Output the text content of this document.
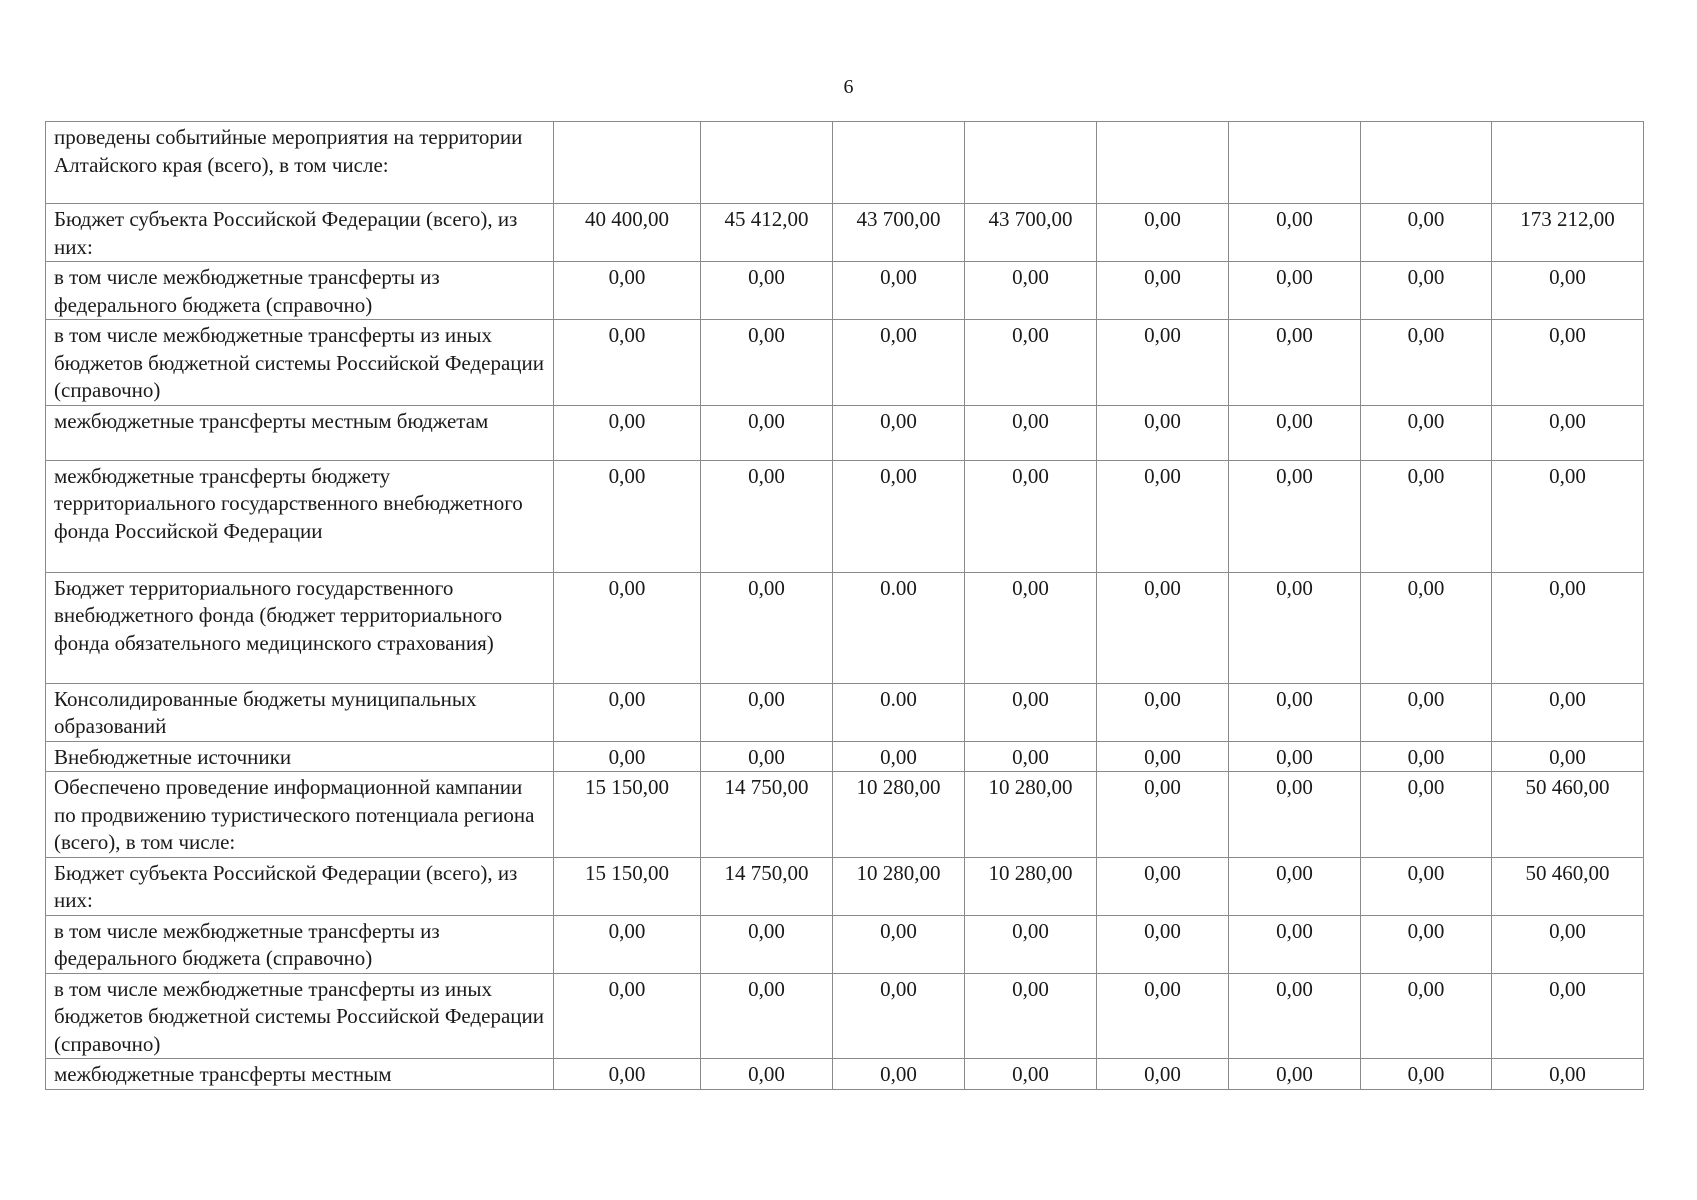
6
проведены событийные мероприятия на территории Алтайского края (всего), в том числе:								
Бюджет субъекта Российской Федерации (всего), из них:	40 400,00	45 412,00	43 700,00	43 700,00	0,00	0,00	0,00	173 212,00
в том числе межбюджетные трансферты из федерального бюджета (справочно)	0,00	0,00	0,00	0,00	0,00	0,00	0,00	0,00
в том числе межбюджетные трансферты из иных бюджетов бюджетной системы Российской Федерации (справочно)	0,00	0,00	0,00	0,00	0,00	0,00	0,00	0,00
межбюджетные трансферты местным бюджетам	0,00	0,00	0,00	0,00	0,00	0,00	0,00	0,00
межбюджетные трансферты бюджету территориального государственного внебюджетного фонда Российской Федерации	0,00	0,00	0,00	0,00	0,00	0,00	0,00	0,00
Бюджет территориального государственного внебюджетного фонда (бюджет территориального фонда обязательного медицинского страхования)	0,00	0,00	0.00	0,00	0,00	0,00	0,00	0,00
Консолидированные бюджеты муниципальных образований	0,00	0,00	0.00	0,00	0,00	0,00	0,00	0,00
Внебюджетные источники	0,00	0,00	0,00	0,00	0,00	0,00	0,00	0,00
Обеспечено проведение информационной кампании по продвижению туристического потенциала региона (всего), в том числе:	15 150,00	14 750,00	10 280,00	10 280,00	0,00	0,00	0,00	50 460,00
Бюджет субъекта Российской Федерации (всего), из них:	15 150,00	14 750,00	10 280,00	10 280,00	0,00	0,00	0,00	50 460,00
в том числе межбюджетные трансферты из федерального бюджета (справочно)	0,00	0,00	0,00	0,00	0,00	0,00	0,00	0,00
в том числе межбюджетные трансферты из иных бюджетов бюджетной системы Российской Федерации (справочно)	0,00	0,00	0,00	0,00	0,00	0,00	0,00	0,00
межбюджетные трансферты местным	0,00	0,00	0,00	0,00	0,00	0,00	0,00	0,00
